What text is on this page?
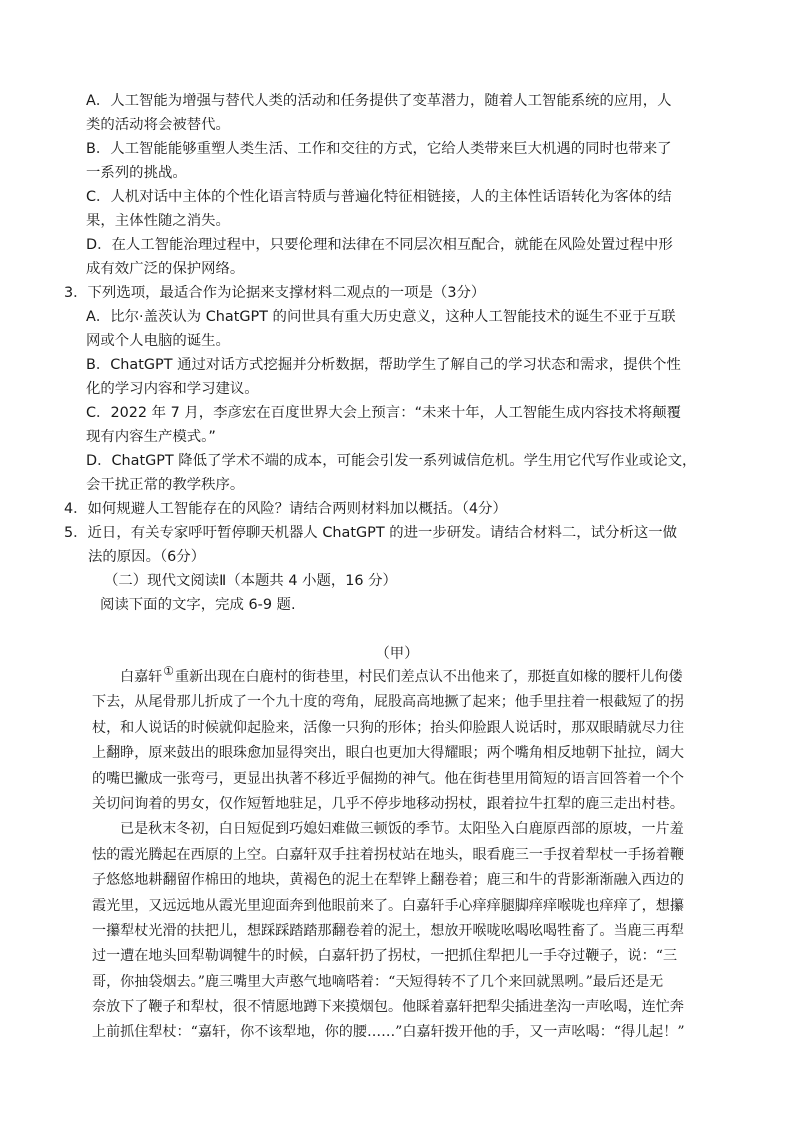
A．人工智能为增强与替代人类的活动和任务提供了变革潜力，随着人工智能系统的应用，人
类的活动将会被替代。
B．人工智能能够重塑人类生活、工作和交往的方式，它给人类带来巨大机遇的同时也带来了
一系列的挑战。
C．人机对话中主体的个性化语言特质与普遍化特征相链接，人的主体性话语转化为客体的结
果，主体性随之消失。
D．在人工智能治理过程中，只要伦理和法律在不同层次相互配合，就能在风险处置过程中形
成有效广泛的保护网络。
3．下列选项，最适合作为论据来支撑材料二观点的一项是（3分）
A．比尔·盖茨认为 ChatGPT 的问世具有重大历史意义，这种人工智能技术的诞生不亚于互联
网或个人电脑的诞生。
B．ChatGPT 通过对话方式挖掘并分析数据，帮助学生了解自己的学习状态和需求，提供个性
化的学习内容和学习建议。
C．2022 年 7 月，李彦宏在百度世界大会上预言：“未来十年，人工智能生成内容技术将颠覆
现有内容生产模式。”
D．ChatGPT 降低了学术不端的成本，可能会引发一系列诚信危机。学生用它代写作业或论文，
会干扰正常的教学秩序。
4．如何规避人工智能存在的风险？请结合两则材料加以概括。（4分）
5．近日，有关专家呼吁暂停聊天机器人 ChatGPT 的进一步研发。请结合材料二，试分析这一做
法的原因。（6分）
（二）现代文阅读Ⅱ（本题共 4 小题，16 分）
阅读下面的文字，完成 6-9 题.
（甲）
白嘉轩①重新出现在白鹿村的街巷里，村民们差点认不出他来了，那挺直如椽的腰杆儿佝偻
下去，从尾骨那儿折成了一个九十度的弯角，屁股高高地撅了起来；他手里拄着一根截短了的拐
杖，和人说话的时候就仰起脸来，活像一只狗的形体；抬头仰脸跟人说话时，那双眼睛就尽力往
上翻睁，原来鼓出的眼珠愈加显得突出，眼白也更加大得耀眼；两个嘴角相反地朝下扯拉，阔大
的嘴巴撇成一张弯弓，更显出执著不移近乎倔拗的神气。他在街巷里用简短的语言回答着一个个
关切问询着的男女，仅作短暂地驻足，几乎不停步地移动拐杖，跟着拉牛扛犁的鹿三走出村巷。
已是秋末冬初，白日短促到巧媳妇难做三顿饭的季节。太阳坠入白鹿原西部的原坡，一片羞
怯的霞光腾起在西原的上空。白嘉轩双手拄着拐杖站在地头，眼看鹿三一手扠着犁杖一手扬着鞭
子悠悠地耕翻留作棉田的地块，黄褐色的泥土在犁铧上翻卷着；鹿三和牛的背影渐渐融入西边的
霞光里，又远远地从霞光里迎面奔到他眼前来了。白嘉轩手心痒痒腿脚痒痒喉咙也痒痒了，想攥
一攥犁杖光滑的扶把儿，想踩踩踏踏那翻卷着的泥土，想放开喉咙吆喝吆喝牲畜了。当鹿三再犁
过一遭在地头回犁勒调犍牛的时候，白嘉轩扔了拐杖，一把抓住犁把儿一手夺过鞭子，说：“三
哥，你抽袋烟去。”鹿三嘴里大声憨气地嘀嗒着：“天短得转不了几个来回就黑咧。”最后还是无
奈放下了鞭子和犁杖，很不情愿地蹲下来摸烟包。他睬着嘉轩把犁尖插进垄沟一声吆喝，连忙奔
上前抓住犁杖：“嘉轩，你不该犁地，你的腰……”白嘉轩拨开他的手，又一声吆喝：“得儿起！”
